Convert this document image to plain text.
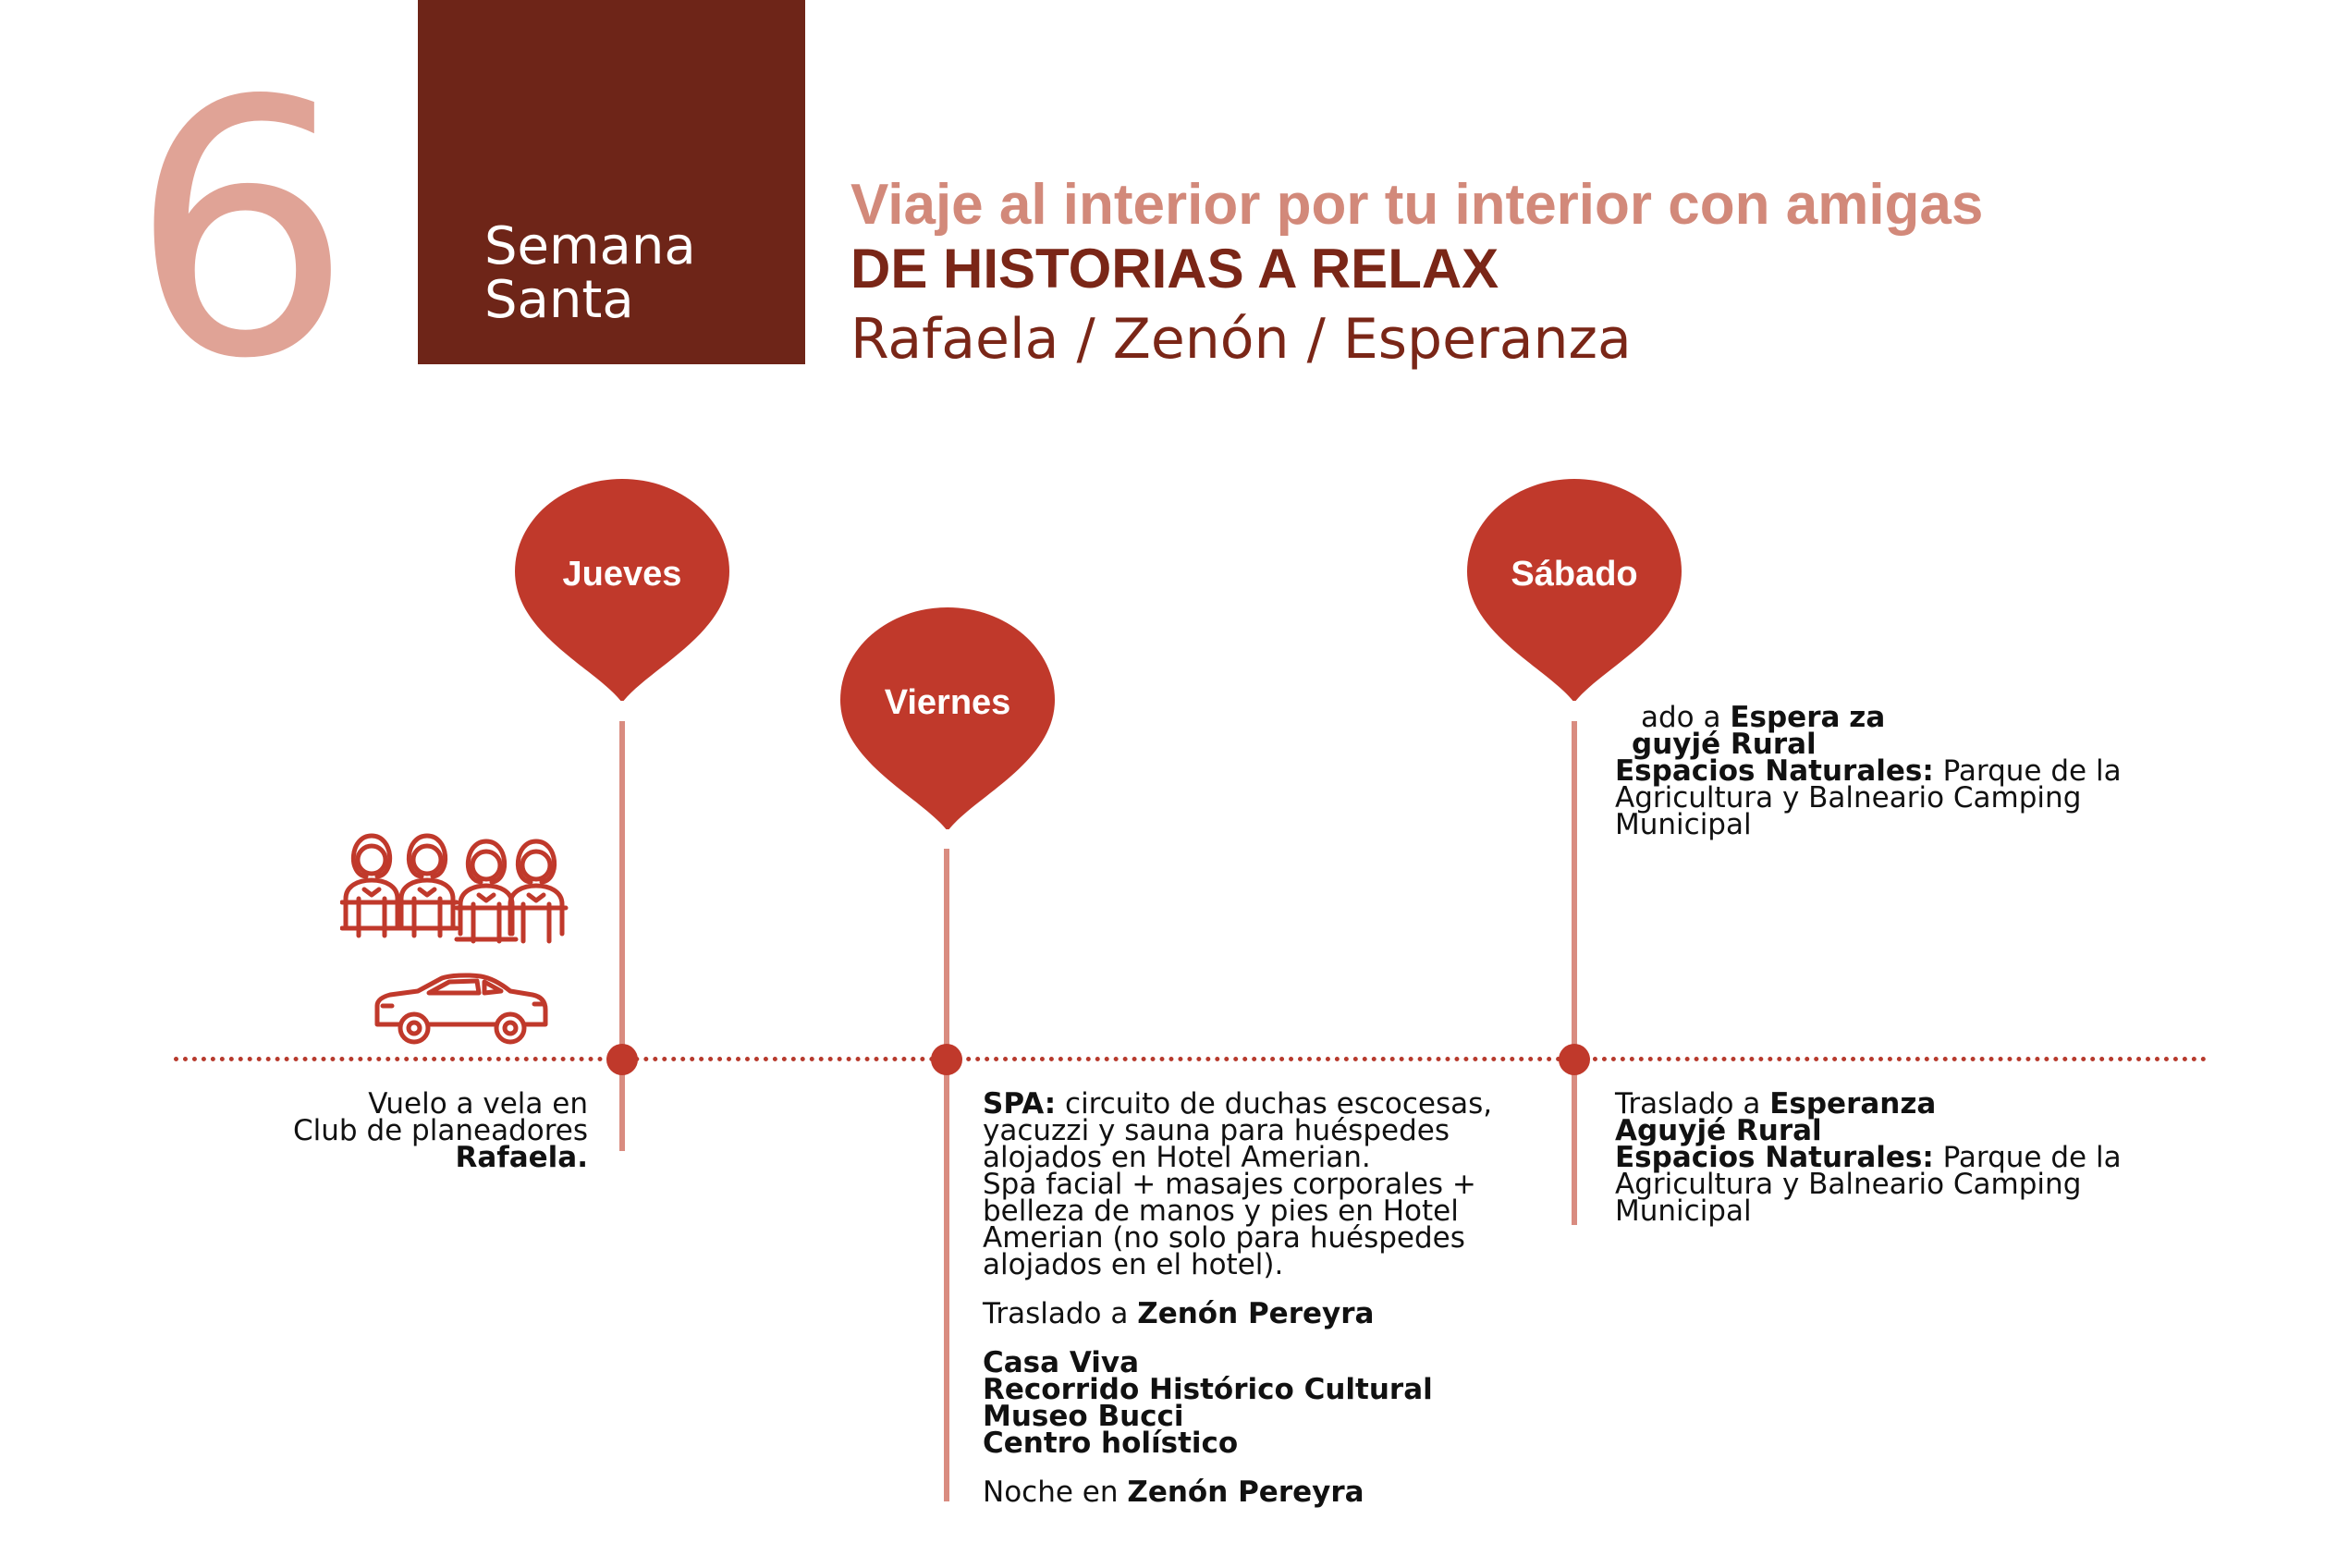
6	Semana
Santa
Viaje al interior por tu interior con amigas
DE HISTORIAS A RELAX
Rafaela / Zenón / Esperanza
Jueves
Viernes
Sábado
Vuelo a vela en
Club de planeadores
Rafaela.
SPA: circuito de duchas escocesas, yacuzzi y sauna para huéspedes alojados en Hotel Amerian.
Spa facial + masajes corporales + belleza de manos y pies en Hotel Amerian (no solo para huéspedes alojados en el hotel).
Traslado a Zenón Pereyra
Casa Viva
Recorrido Histórico Cultural
Museo Bucci
Centro holístico
Noche en Zenón Pereyra
ado a Espera za
guyjé Rural
Espacios Naturales: Parque de la Agricultura y Balneario Camping Municipal
Traslado a Esperanza
Aguyjé Rural
Espacios Naturales: Parque de la Agricultura y Balneario Camping Municipal
